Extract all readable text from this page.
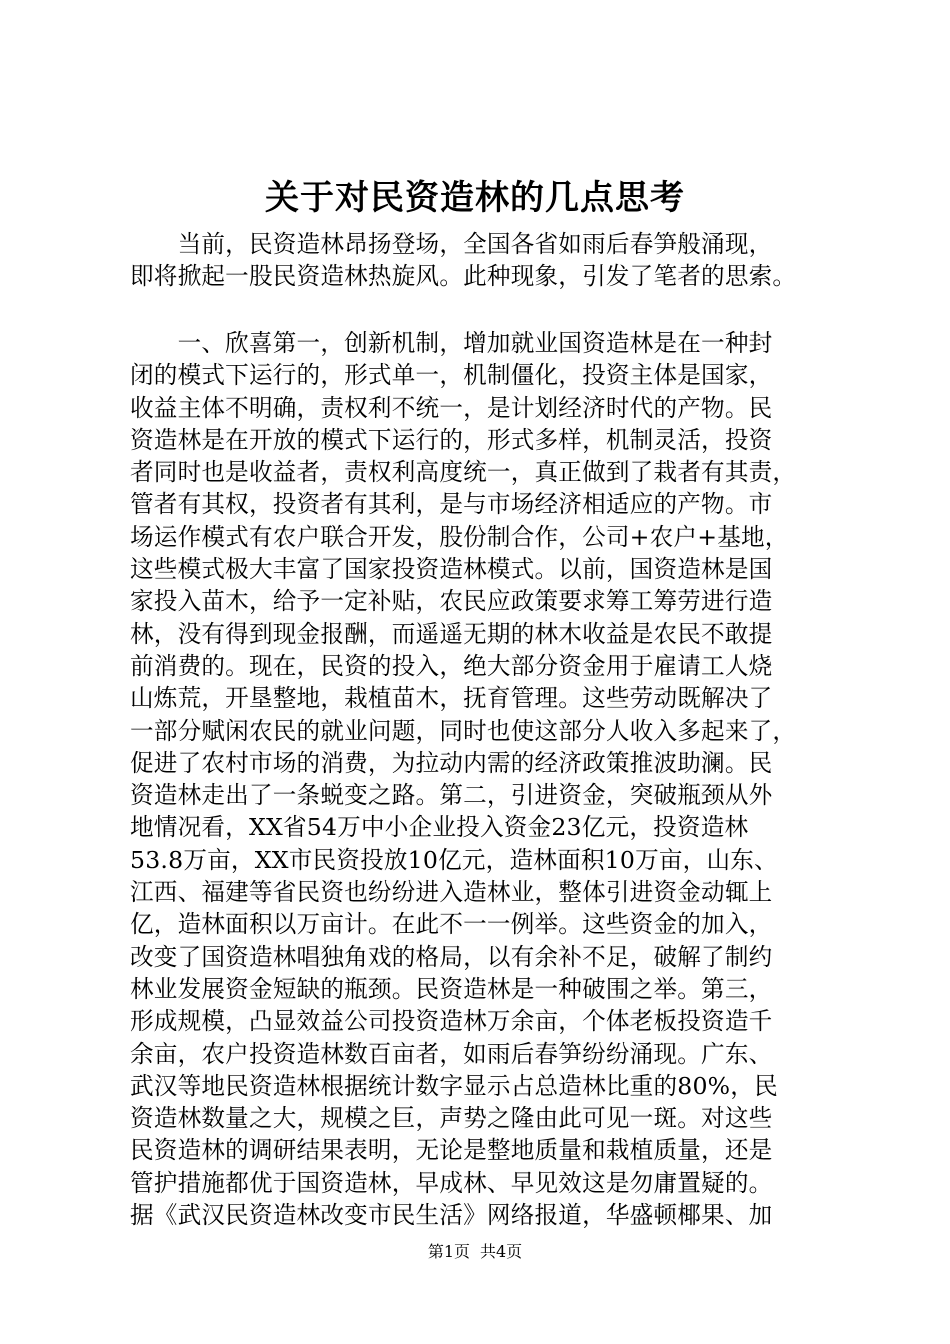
关于对民资造林的几点思考
　　当前，民资造林昂扬登场，全国各省如雨后春笋般涌现，
即将掀起一股民资造林热旋风。此种现象，引发了笔者的思索。
　　一、欣喜第一，创新机制，增加就业国资造林是在一种封
闭的模式下运行的，形式单一，机制僵化，投资主体是国家，
收益主体不明确，责权利不统一，是计划经济时代的产物。民
资造林是在开放的模式下运行的，形式多样，机制灵活，投资
者同时也是收益者，责权利高度统一，真正做到了栽者有其责，
管者有其权，投资者有其利，是与市场经济相适应的产物。市
场运作模式有农户联合开发，股份制合作，公司+农户+基地，
这些模式极大丰富了国家投资造林模式。以前，国资造林是国
家投入苗木，给予一定补贴，农民应政策要求筹工筹劳进行造
林，没有得到现金报酬，而遥遥无期的林木收益是农民不敢提
前消费的。现在，民资的投入，绝大部分资金用于雇请工人烧
山炼荒，开垦整地，栽植苗木，抚育管理。这些劳动既解决了
一部分赋闲农民的就业问题，同时也使这部分人收入多起来了，
促进了农村市场的消费，为拉动内需的经济政策推波助澜。民
资造林走出了一条蜕变之路。第二，引进资金，突破瓶颈从外
地情况看，XX省54万中小企业投入资金23亿元，投资造林
53.8万亩，XX市民资投放10亿元，造林面积10万亩，山东、
江西、福建等省民资也纷纷进入造林业，整体引进资金动辄上
亿，造林面积以万亩计。在此不一一例举。这些资金的加入，
改变了国资造林唱独角戏的格局，以有余补不足，破解了制约
林业发展资金短缺的瓶颈。民资造林是一种破围之举。第三，
形成规模，凸显效益公司投资造林万余亩，个体老板投资造千
余亩，农户投资造林数百亩者，如雨后春笋纷纷涌现。广东、
武汉等地民资造林根据统计数字显示占总造林比重的80%，民
资造林数量之大，规模之巨，声势之隆由此可见一斑。对这些
民资造林的调研结果表明，无论是整地质量和栽植质量，还是
管护措施都优于国资造林，早成林、早见效这是勿庸置疑的。
据《武汉民资造林改变市民生活》网络报道，华盛顿椰果、加
第1页 共4页
